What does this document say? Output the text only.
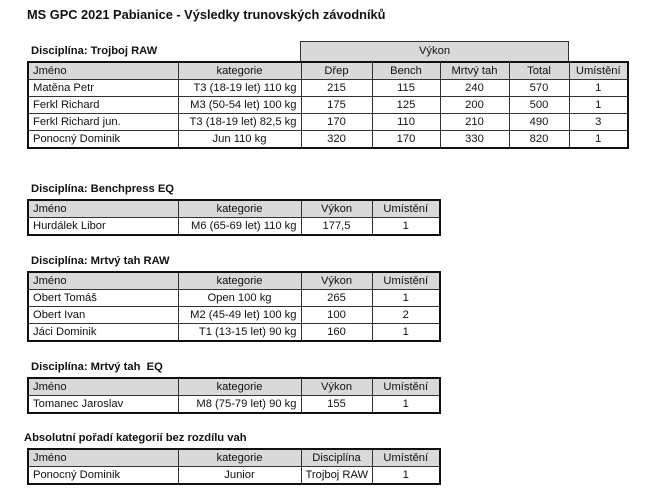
MS GPC 2021 Pabianice - Výsledky trunovských závodníků
Disciplína: Trojboj RAW	Výkon
Jméno	kategorie	Dřep	Bench	Mrtvý tah	Total	Umístění
Matěna Petr	T3 (18-19 let) 110 kg	215	115	240	570	1
Ferkl Richard	M3 (50-54 let) 100 kg	175	125	200	500	1
Ferkl Richard jun.	T3 (18-19 let) 82,5 kg	170	110	210	490	3
Ponocný Dominik	Jun 110 kg	320	170	330	820	1
Disciplína: Benchpress EQ
Jméno	kategorie	Výkon	Umístění
Hurdálek Libor	M6 (65-69 let) 110 kg	177,5	1
Disciplína: Mrtvý tah RAW
Jméno	kategorie	Výkon	Umístění
Obert Tomáš	Open 100 kg	265	1
Obert Ivan	M2 (45-49 let) 100 kg	100	2
Jáci Dominik	T1 (13-15 let) 90 kg	160	1
Disciplína: Mrtvý tah  EQ
Jméno	kategorie	Výkon	Umístění
Tomanec Jaroslav	M8 (75-79 let) 90 kg	155	1
Absolutní pořadí kategorií bez rozdílu vah
Jméno	kategorie	Disciplína	Umístění
Ponocný Dominik	Junior	Trojboj RAW	1
